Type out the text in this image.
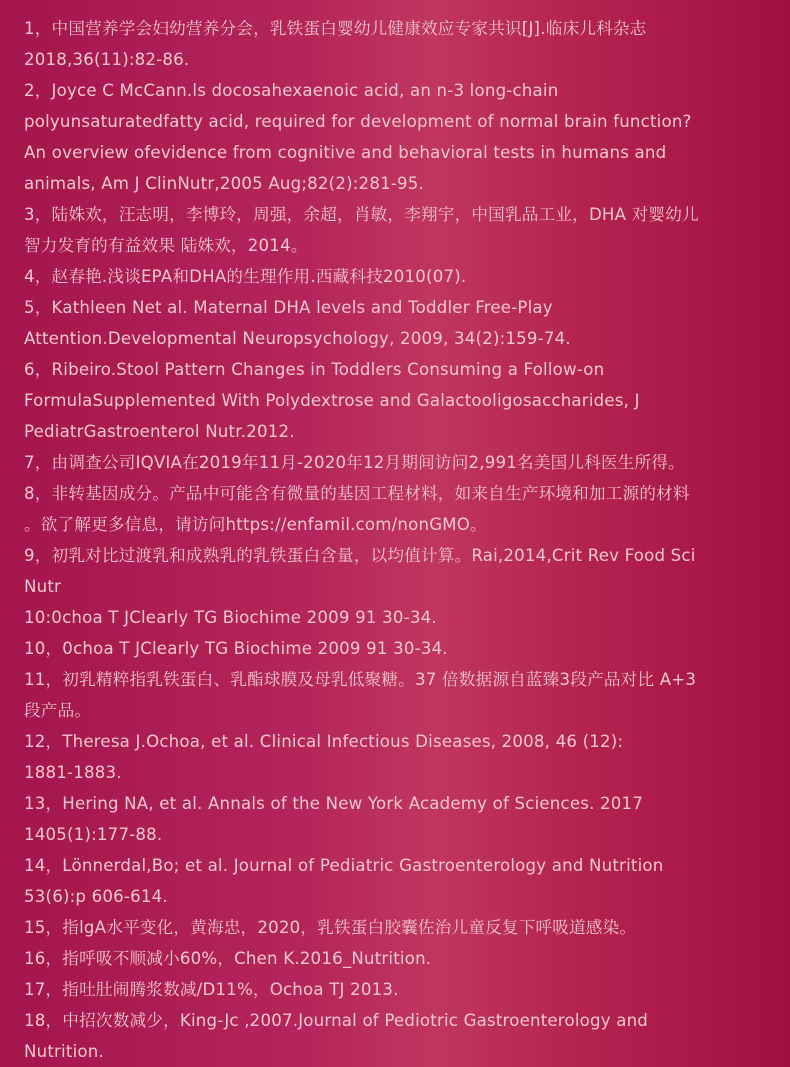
1，中国营养学会妇幼营养分会，乳铁蛋白婴幼儿健康效应专家共识[J].临床儿科杂志
2018,36(11):82-86.

2，Joyce C McCann.ls docosahexaenoic acid, an n-3 long-chain
polyunsaturatedfatty acid, required for development of normal brain function?
An overview ofevidence from cognitive and behavioral tests in humans and
animals, Am J ClinNutr,2005 Aug;82(2):281-95.

3，陆姝欢，汪志明，李博玲，周强，余超，肖敏，李翔宇，中国乳品工业，DHA 对婴幼儿
智力发育的有益效果 陆姝欢，2014。

4，赵春艳.浅谈EPA和DHA的生理作用.西藏科技2010(07).

5，Kathleen Net al. Maternal DHA levels and Toddler Free-Play
Attention.Developmental Neuropsychology, 2009, 34(2):159-74.

6，Ribeiro.Stool Pattern Changes in Toddlers Consuming a Follow-on
FormulaSupplemented With Polydextrose and Galactooligosaccharides, J
PediatrGastroenterol Nutr.2012.

7，由调查公司IQVIA在2019年11月-2020年12月期间访问2,991名美国儿科医生所得。

8，非转基因成分。产品中可能含有微量的基因工程材料，如来自生产环境和加工源的材料
。欲了解更多信息，请访问https://enfamil.com/nonGMO。

9，初乳对比过渡乳和成熟乳的乳铁蛋白含量，以均值计算。Rai,2014,Crit Rev Food Sci
Nutr

10:0choa T JClearly TG Biochime 2009 91 30-34.

10，0choa T JClearly TG Biochime 2009 91 30-34.

11，初乳精粹指乳铁蛋白、乳酯球膜及母乳低聚糖。37 倍数据源自蓝臻3段产品对比 A+3
段产品。

12，Theresa J.Ochoa, et al. Clinical Infectious Diseases, 2008, 46 (12):
1881-1883.

13，Hering NA, et al. Annals of the New York Academy of Sciences. 2017
1405(1):177-88.

14，Lönnerdal,Bo; et al. Journal of Pediatric Gastroenterology and Nutrition
53(6):p 606-614.

15，指lgA水平变化，黄海忠，2020，乳铁蛋白胶囊佐治儿童反复下呼吸道感染。

16，指呼吸不顺减小60%，Chen K.2016_Nutrition.

17，指吐肚闹腾浆数减/D11%，Ochoa TJ 2013.

18，中招次数减少，King-Jc ,2007.Journal of Pediotric Gastroenterology and
Nutrition.
